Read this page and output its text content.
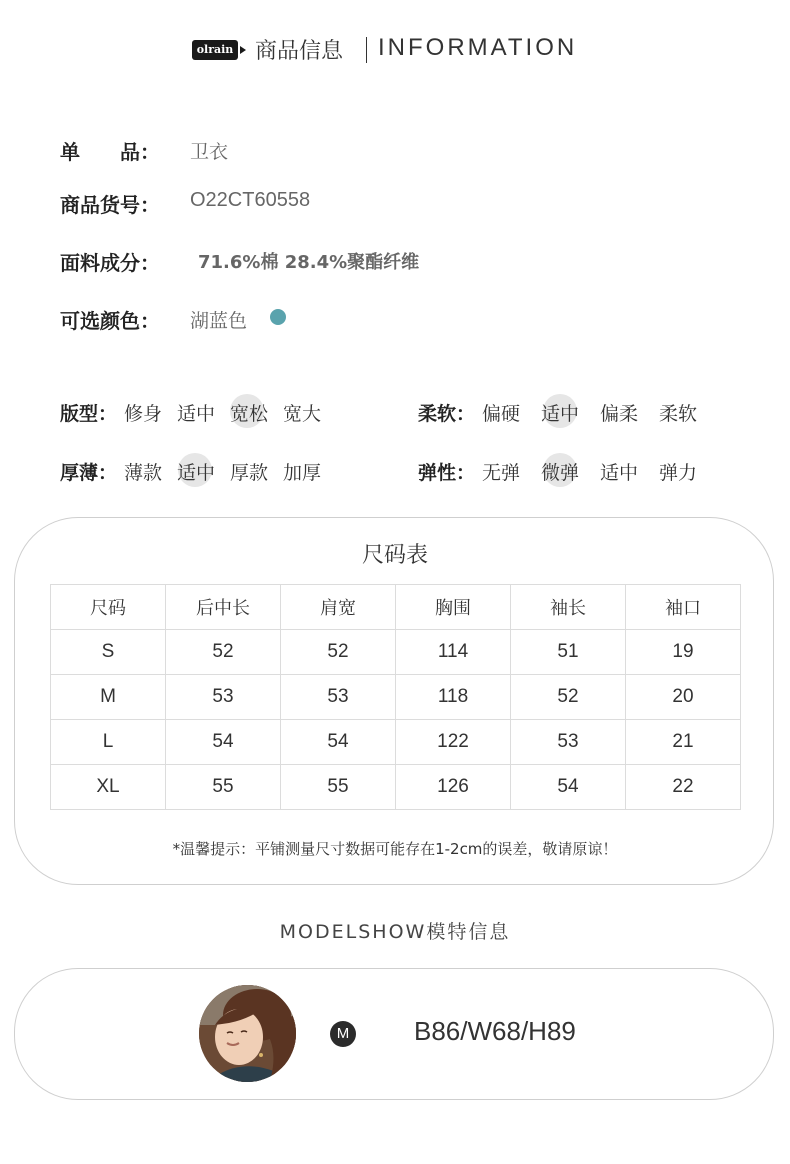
olrain 商品信息 INFORMATION
单　　品： 卫衣
商品货号： O22CT60558
面料成分： 71.6%棉 28.4%聚酯纤维
可选颜色： 湖蓝色
版型： 修身 适中 宽松 宽大	柔软： 偏硬 适中 偏柔 柔软
厚薄： 薄款 适中 厚款 加厚	弹性： 无弹 微弹 适中 弹力
尺码表
尺码	后中长	肩宽	胸围	袖长	袖口
S	52	52	114	51	19
M	53	53	118	52	20
L	54	54	122	53	21
XL	55	55	126	54	22
*温馨提示：平铺测量尺寸数据可能存在1-2cm的误差，敬请原谅！
MODELSHOW模特信息
M B86/W68/H89
